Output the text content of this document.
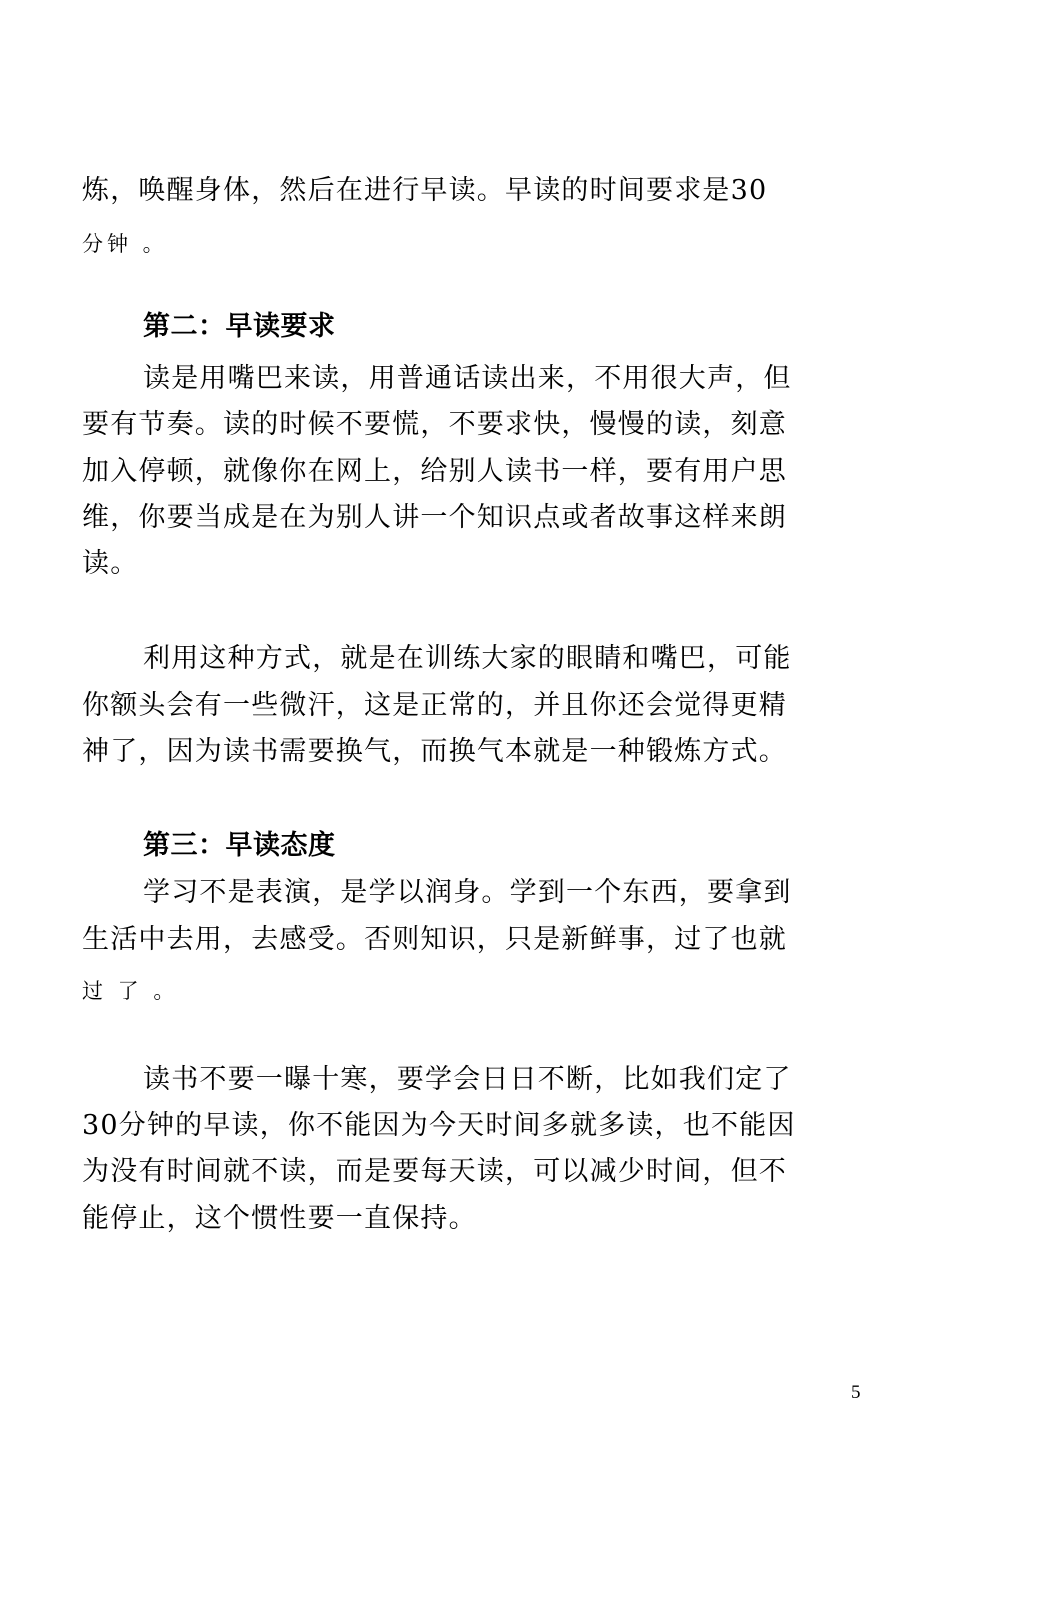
炼，唤醒身体，然后在进行早读。早读的时间要求是30
分钟 。
第二：早读要求
读是用嘴巴来读，用普通话读出来，不用很大声，但
要有节奏。读的时候不要慌，不要求快，慢慢的读，刻意
加入停顿，就像你在网上，给别人读书一样，要有用户思
维，你要当成是在为别人讲一个知识点或者故事这样来朗
读。
利用这种方式，就是在训练大家的眼睛和嘴巴，可能
你额头会有一些微汗，这是正常的，并且你还会觉得更精
神了，因为读书需要换气，而换气本就是一种锻炼方式。
第三：早读态度
学习不是表演，是学以润身。学到一个东西，要拿到
生活中去用，去感受。否则知识，只是新鲜事，过了也就
过 了 。
读书不要一曝十寒，要学会日日不断，比如我们定了
30分钟的早读，你不能因为今天时间多就多读，也不能因
为没有时间就不读，而是要每天读，可以减少时间，但不
能停止，这个惯性要一直保持。
5
